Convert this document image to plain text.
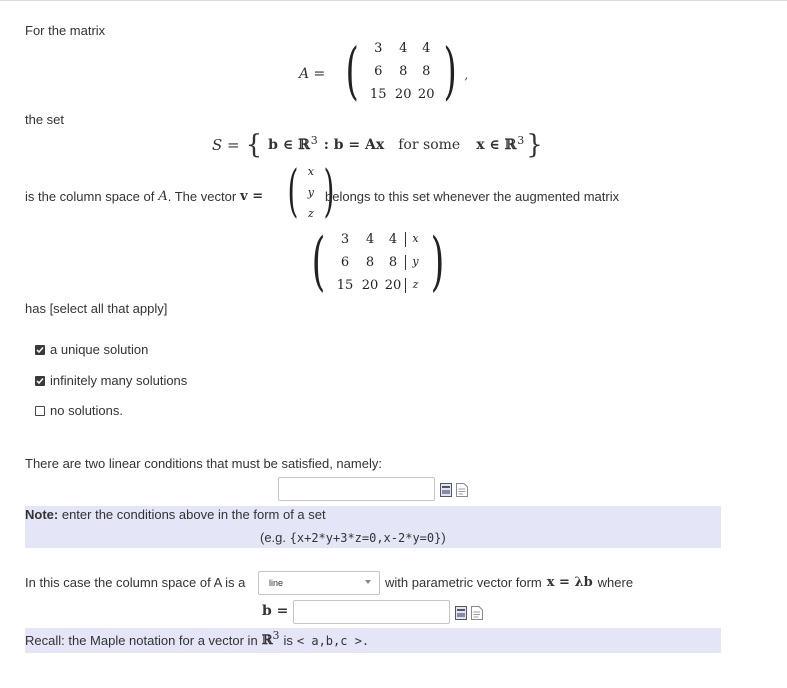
For the matrix
A = (	3	4	4
6	8	8
15 20 20 ) ,
the set
S = { b ∈ ℝ$^3$ : b = Ax for some x ∈ ℝ$^3$ }
is the column space of A . The vector v = ( x
y
z )
belongs to this set whenever the augmented matrix
(	3	4	4	x
6	8	8	y
15 20 20	z )
has [select all that apply]
a unique solution
infinitely many solutions
no solutions.
There are two linear conditions that must be satisfied, namely:
Note: enter the conditions above in the form of a set
(e.g. {x+2*y+3*z=0,x-2*y=0})
In this case the column space of A is a	line	with parametric vector form x = λb where
b =
Recall: the Maple notation for a vector in ℝ$^3$ is < a,b,c >.
